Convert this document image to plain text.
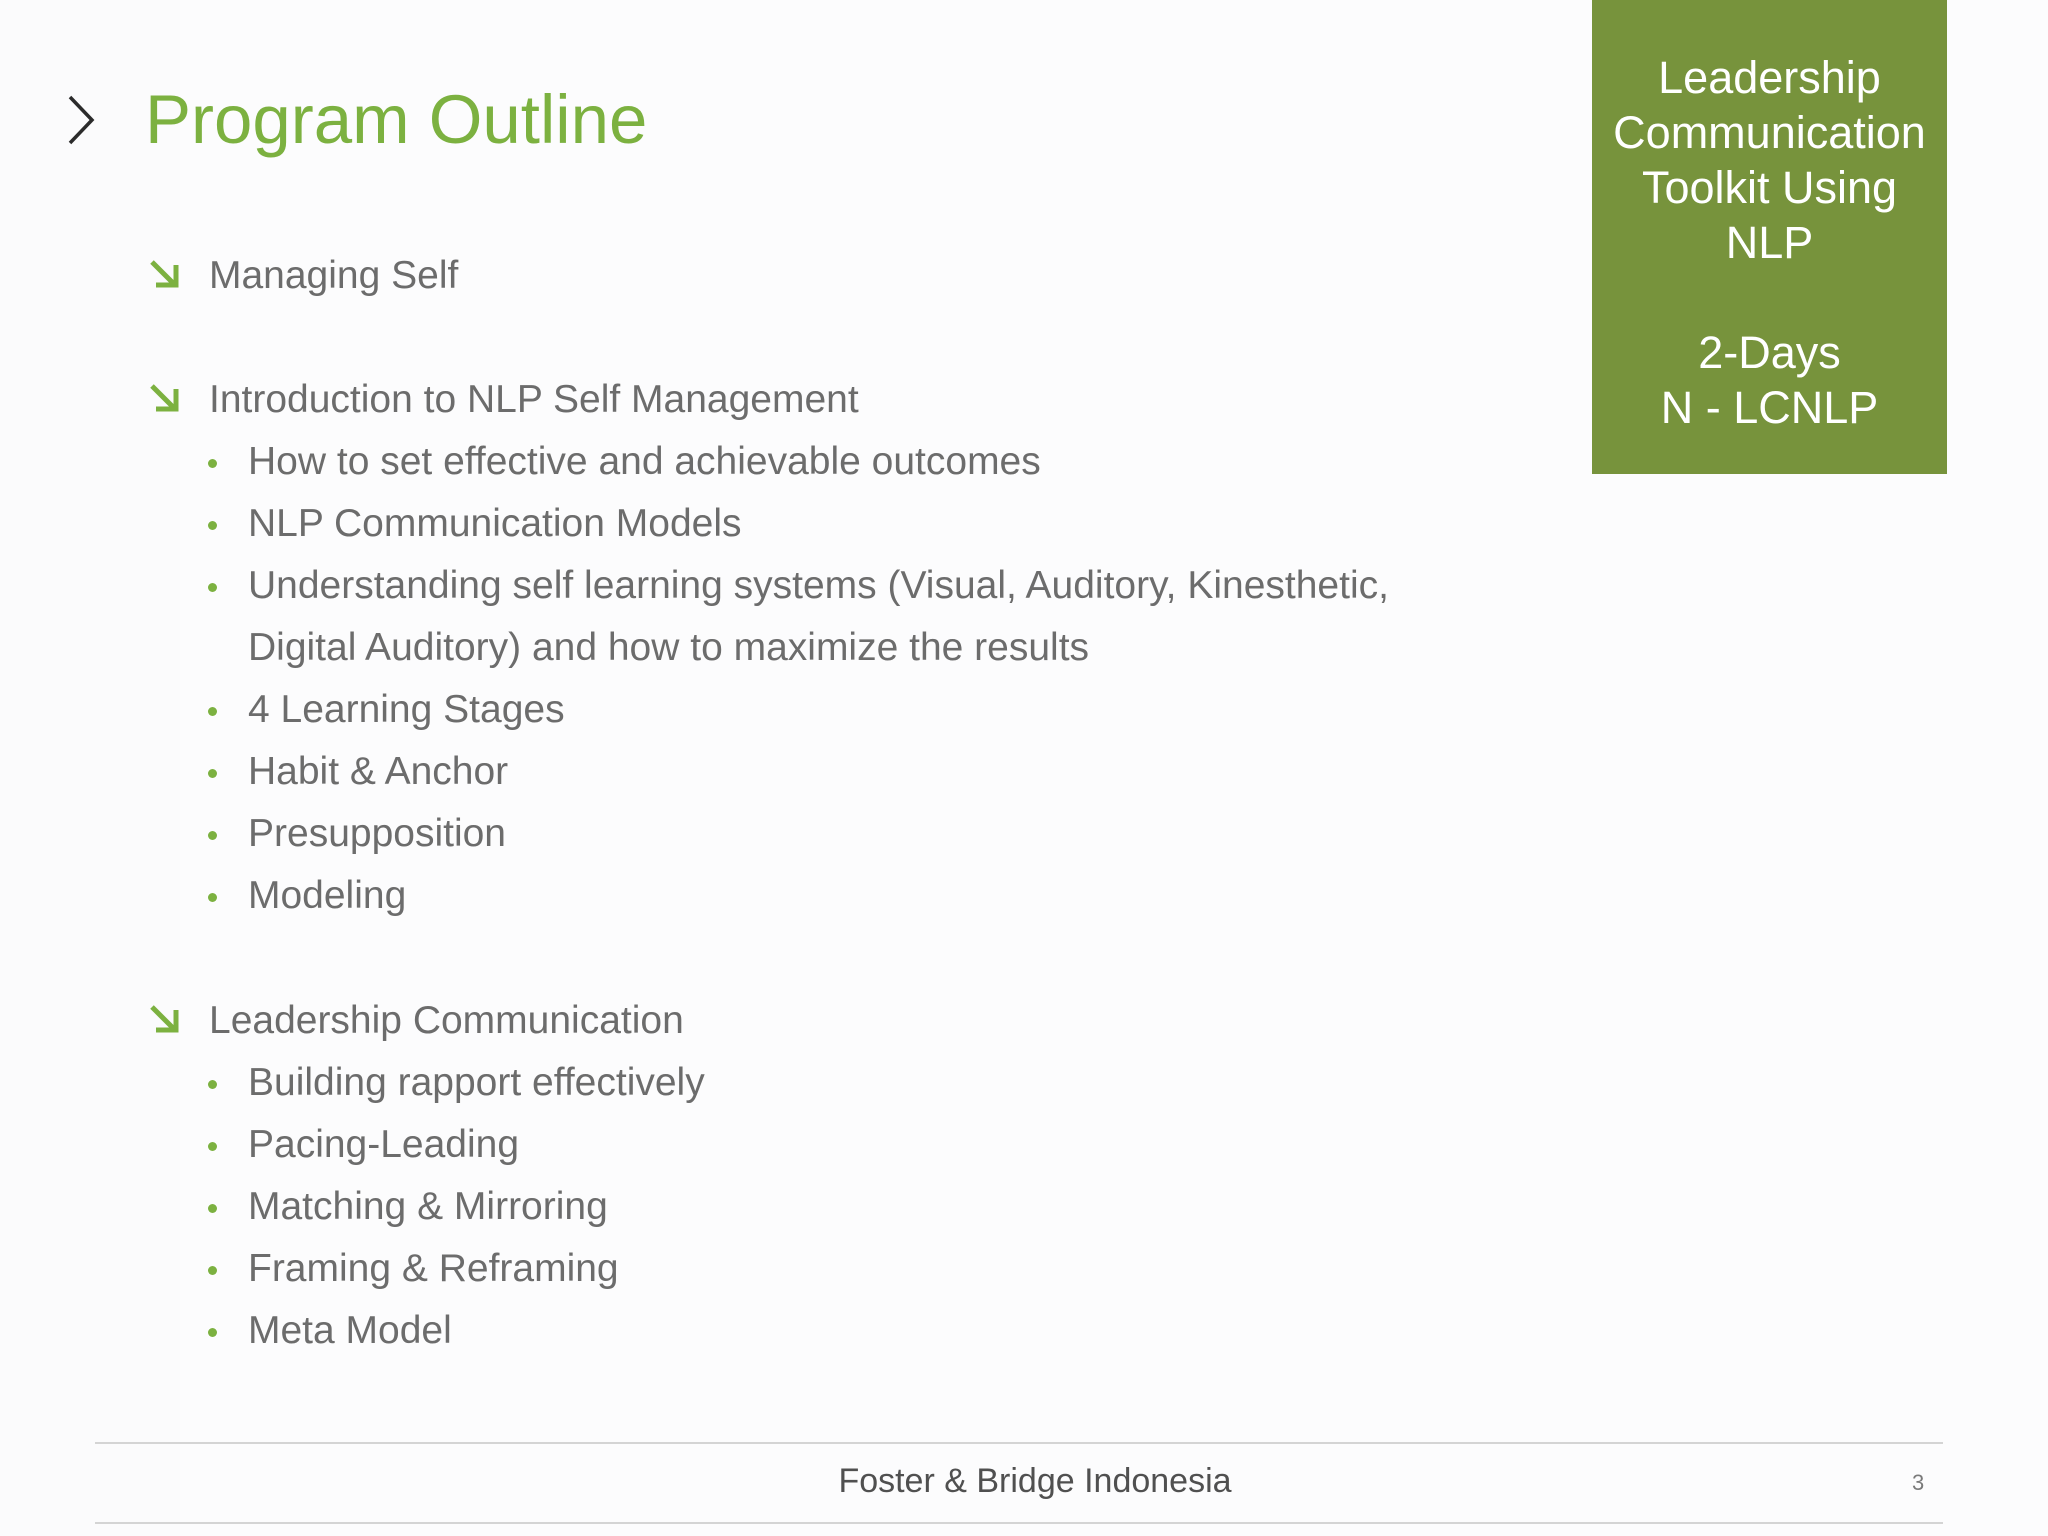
Program Outline
Leadership
Communication
Toolkit Using
NLP
2-Days
N - LCNLP
Managing Self
Introduction to NLP Self Management
How to set effective and achievable outcomes
NLP Communication Models
Understanding self learning systems (Visual, Auditory, Kinesthetic,
Digital Auditory) and how to maximize the results
4 Learning Stages
Habit & Anchor
Presupposition
Modeling
Leadership Communication
Building rapport effectively
Pacing-Leading
Matching & Mirroring
Framing & Reframing
Meta Model
Foster & Bridge Indonesia	3
